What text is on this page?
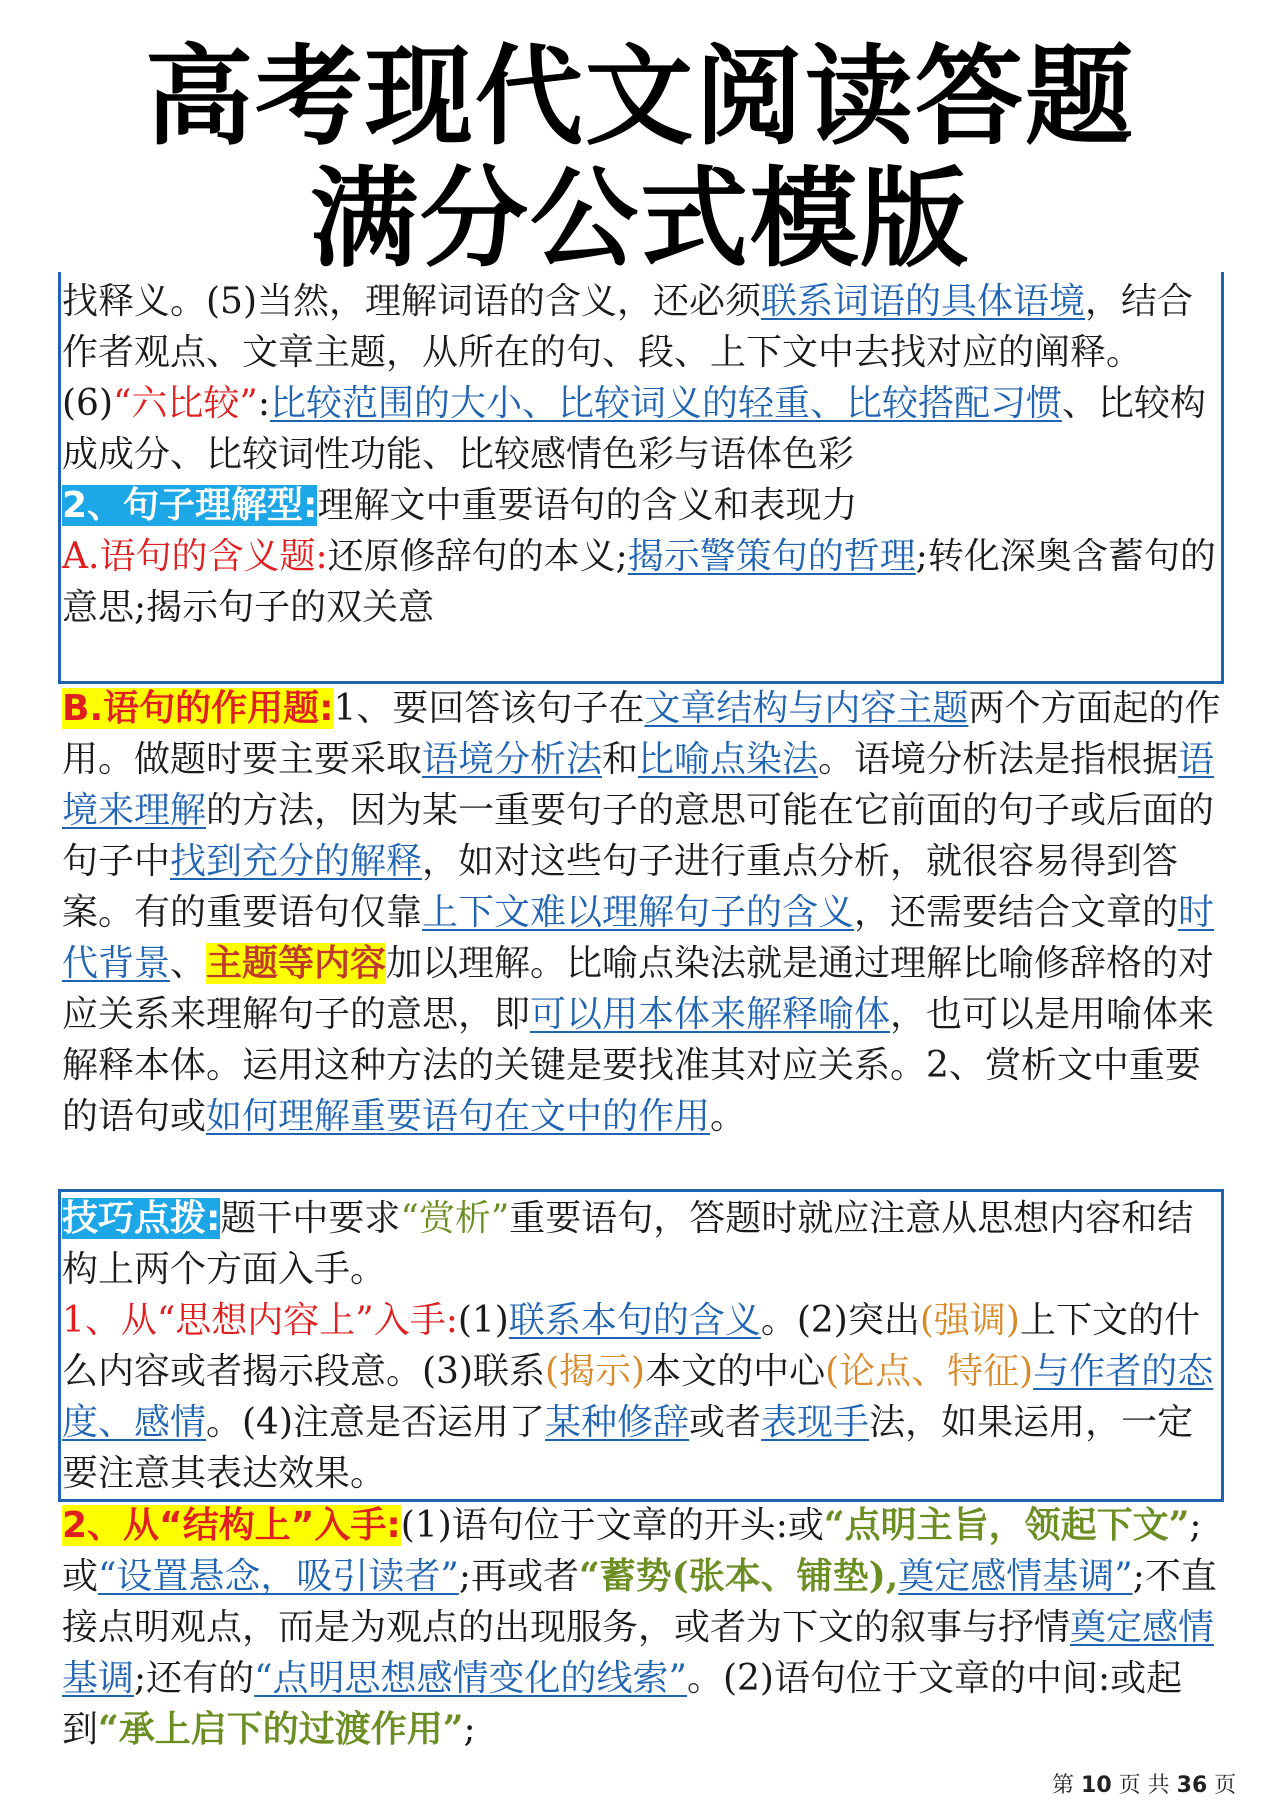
高考现代文阅读答题
满分公式模版
找释义。(5)当然，理解词语的含义，还必须联系词语的具体语境，结合作者观点、文章主题，从所在的句、段、上下文中去找对应的阐释。(6)“六比较”:比较范围的大小、比较词义的轻重、比较搭配习惯、比较构成成分、比较词性功能、比较感情色彩与语体色彩
2、句子理解型:理解文中重要语句的含义和表现力
A.语句的含义题:还原修辞句的本义;揭示警策句的哲理;转化深奥含蓄句的意思;揭示句子的双关意
B.语句的作用题:1、要回答该句子在文章结构与内容主题两个方面起的作用。做题时要主要采取语境分析法和比喻点染法。语境分析法是指根据语境来理解的方法，因为某一重要句子的意思可能在它前面的句子或后面的句子中找到充分的解释，如对这些句子进行重点分析，就很容易得到答案。有的重要语句仅靠上下文难以理解句子的含义，还需要结合文章的时代背景、主题等内容加以理解。比喻点染法就是通过理解比喻修辞格的对应关系来理解句子的意思，即可以用本体来解释喻体，也可以是用喻体来解释本体。运用这种方法的关键是要找准其对应关系。2、赏析文中重要的语句或如何理解重要语句在文中的作用。
技巧点拨:题干中要求“赏析”重要语句，答题时就应注意从思想内容和结构上两个方面入手。
1、从“思想内容上”入手:(1)联系本句的含义。(2)突出(强调)上下文的什么内容或者揭示段意。(3)联系(揭示)本文的中心(论点、特征)与作者的态度、感情。(4)注意是否运用了某种修辞或者表现手法，如果运用，一定要注意其表达效果。
2、从“结构上”入手:(1)语句位于文章的开头:或“点明主旨，领起下文”;或“设置悬念，吸引读者”;再或者“蓄势(张本、铺垫),奠定感情基调”;不直接点明观点，而是为观点的出现服务，或者为下文的叙事与抒情奠定感情基调;还有的“点明思想感情变化的线索”。(2)语句位于文章的中间:或起到“承上启下的过渡作用”;
第 10 页 共 36 页
